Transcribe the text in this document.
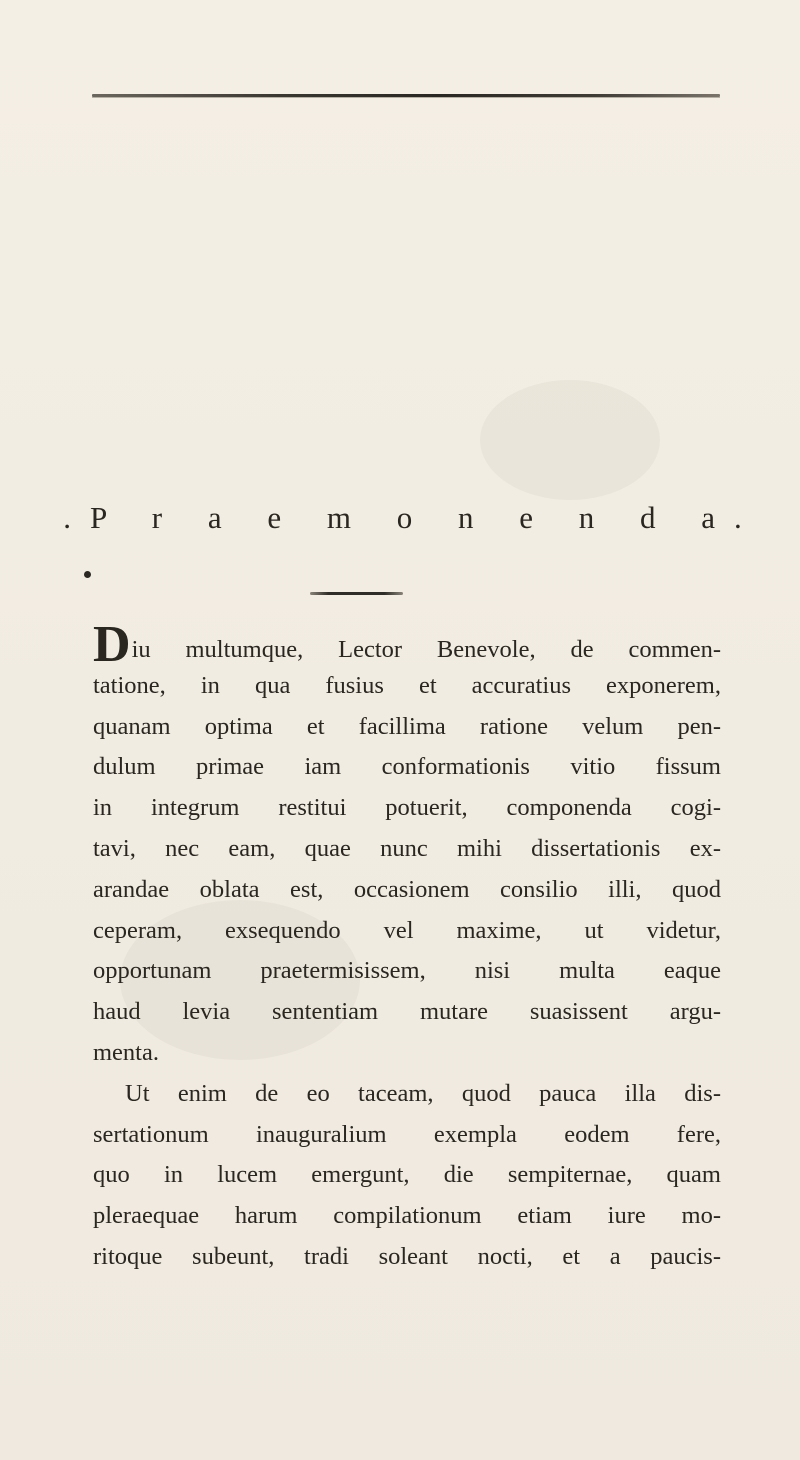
.P r a e m o n e n d a.
Diu multumque, Lector Benevole, de commen-
tatione, in qua fusius et accuratius exponerem,
quanam optima et facillima ratione velum pen-
dulum primae iam conformationis vitio fissum
in integrum restitui potuerit, componenda cogi-
tavi, nec eam, quae nunc mihi dissertationis ex-
arandae oblata est, occasionem consilio illi, quod
ceperam, exsequendo vel maxime, ut videtur,
opportunam praetermisissem, nisi multa eaque
haud levia sententiam mutare suasissent argu-
menta.
Ut enim de eo taceam, quod pauca illa dis-
sertationum inauguralium exempla eodem fere,
quo in lucem emergunt, die sempiternae, quam
pleraequae harum compilationum etiam iure mo-
ritoque subeunt, tradi soleant nocti, et a paucis-
